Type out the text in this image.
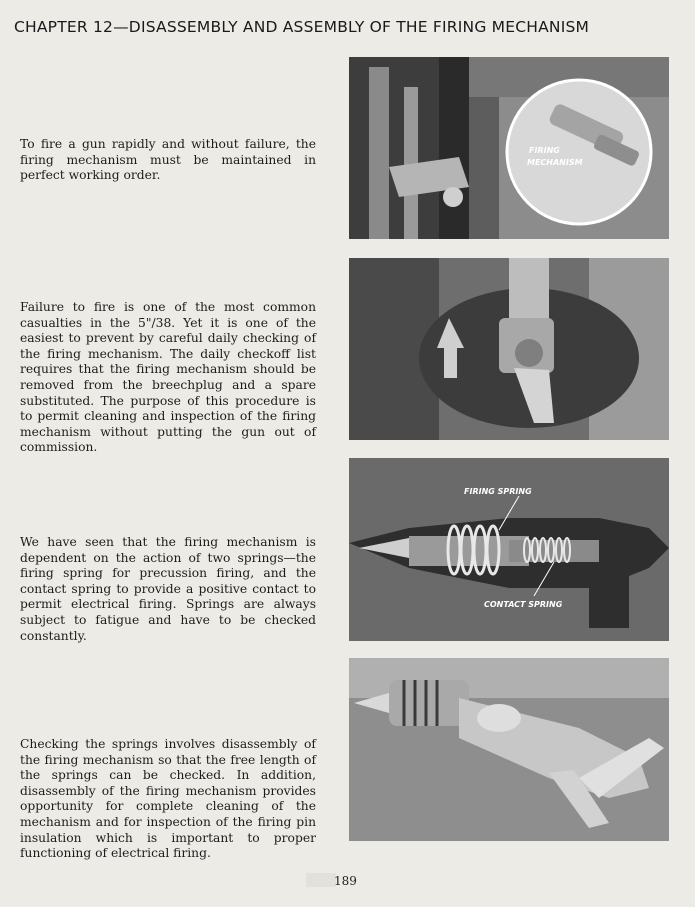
CHAPTER 12—DISASSEMBLY AND ASSEMBLY OF THE FIRING MECHANISM

To fire a gun rapidly and without failure, the firing mechanism must be maintained in perfect working order.

Failure to fire is one of the most common casualties in the 5"/38. Yet it is one of the easiest to prevent by careful daily checking of the firing mechanism. The daily checkoff list requires that the firing mechanism should be removed from the breechplug and a spare substituted. The purpose of this procedure is to permit cleaning and inspection of the firing mechanism without putting the gun out of commission.

We have seen that the firing mechanism is dependent on the action of two springs—the firing spring for precussion firing, and the contact spring to provide a positive contact to permit electrical firing. Springs are always subject to fatigue and have to be checked constantly.

Checking the springs involves disassembly of the firing mechanism so that the free length of the springs can be checked. In addition, disassembly of the firing mechanism provides opportunity for complete cleaning of the mechanism and for inspection of the firing pin insulation which is important to proper functioning of electrical firing.

FIRING
MECHANISM
FIRING SPRING
CONTACT SPRING
189
